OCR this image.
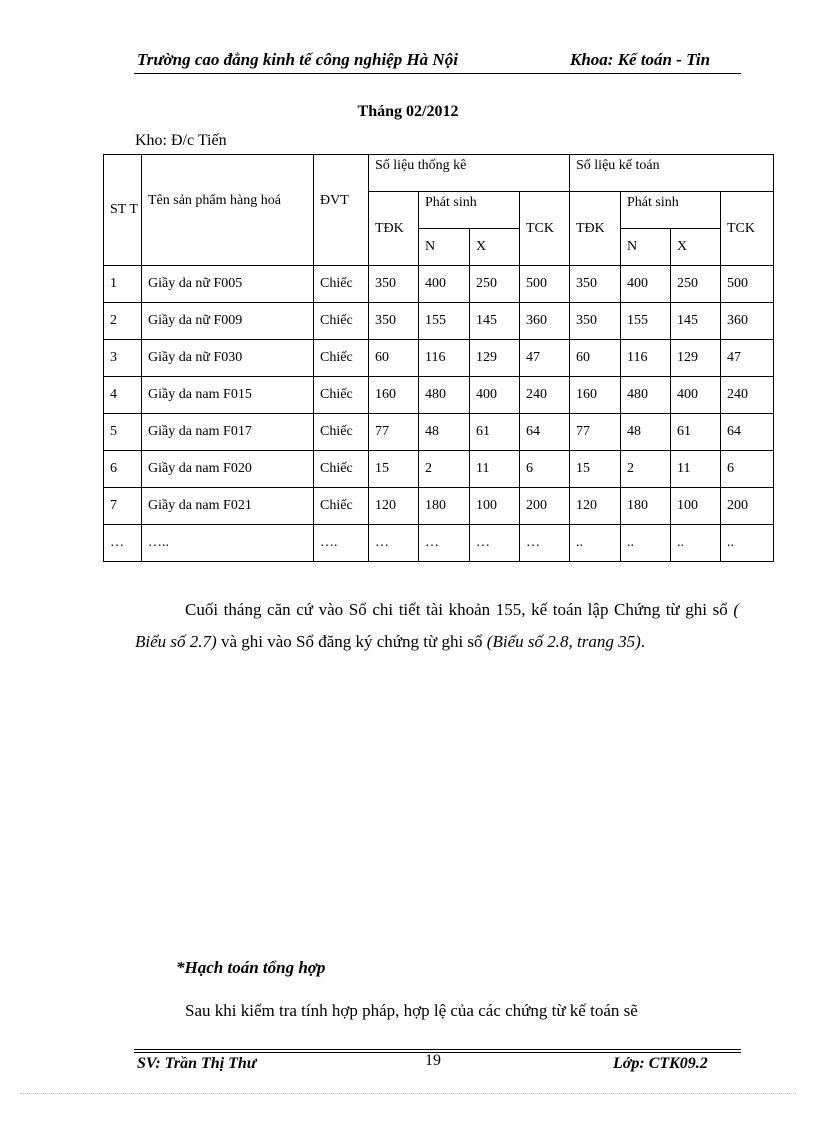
Trường cao đẳng kinh tế công nghiệp Hà Nội	Khoa: Kế toán - Tin
Tháng 02/2012
Kho: Đ/c Tiến
ST T	Tên sản phẩm hàng hoá	ĐVT	Số liệu thống kê				Số liệu kế toán			
			TĐK	Phát sinh		TCK	TĐK	Phát sinh		TCK
				N	X			N	X	
1	Giầy da nữ F005	Chiếc	350	400	250	500	350	400	250	500
2	Giầy da nữ F009	Chiếc	350	155	145	360	350	155	145	360
3	Giầy da nữ F030	Chiếc	60	116	129	47	60	116	129	47
4	Giầy da nam F015	Chiếc	160	480	400	240	160	480	400	240
5	Giầy da nam F017	Chiếc	77	48	61	64	77	48	61	64
6	Giầy da nam F020	Chiếc	15	2	11	6	15	2	11	6
7	Giầy da nam F021	Chiếc	120	180	100	200	120	180	100	200
…	…..	….	…	…	…	…	..	..	..	..
Cuối tháng căn cứ vào Sổ chi tiết tài khoản 155, kế toán lập Chứng từ ghi sổ ( Biểu số 2.7) và ghi vào Sổ đăng ký chứng từ ghi sổ (Biểu số 2.8, trang 35).
*Hạch toán tổng hợp
Sau khi kiểm tra tính hợp pháp, hợp lệ của các chứng từ kế toán sẽ
SV: Trần Thị Thư	19	Lớp: CTK09.2
